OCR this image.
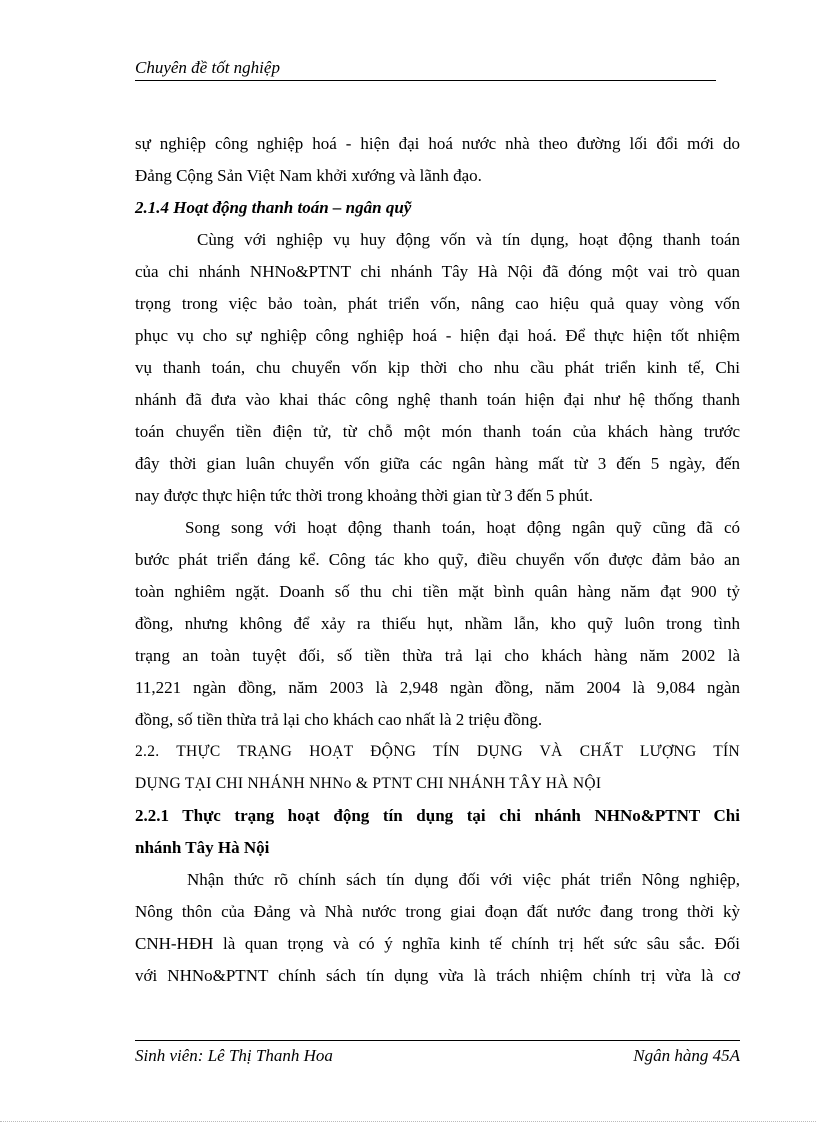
Chuyên đề tốt nghiệp
sự nghiệp công nghiệp hoá - hiện đại hoá nước nhà theo đường lối đổi mới do
Đảng Cộng Sản Việt Nam khởi xướng và lãnh đạo.
2.1.4 Hoạt động thanh toán – ngân quỹ
Cùng với nghiệp vụ huy động vốn và tín dụng, hoạt động thanh toán
của chi nhánh NHNo&PTNT chi nhánh Tây Hà Nội đã đóng một vai trò quan
trọng trong việc bảo toàn, phát triển vốn, nâng cao hiệu quả quay vòng vốn
phục vụ cho sự nghiệp công nghiệp hoá - hiện đại hoá. Để thực hiện tốt nhiệm
vụ thanh toán, chu chuyển vốn kịp thời cho nhu cầu phát triển kinh tế, Chi
nhánh đã đưa vào khai thác công nghệ thanh toán hiện đại như hệ thống thanh
toán chuyển tiền điện tử, từ chỗ một món thanh toán của khách hàng trước
đây thời gian luân chuyển vốn giữa các ngân hàng mất từ 3 đến 5 ngày, đến
nay được thực hiện tức thời trong khoảng thời gian từ 3 đến 5 phút.
Song song với hoạt động thanh toán, hoạt động ngân quỹ cũng đã có
bước phát triển đáng kể. Công tác kho quỹ, điều chuyển vốn được đảm bảo an
toàn nghiêm ngặt. Doanh số thu chi tiền mặt bình quân hàng năm đạt 900 tỷ
đồng, nhưng không để xảy ra thiếu hụt, nhầm lẫn, kho quỹ luôn trong tình
trạng an toàn tuyệt đối, số tiền thừa trả lại cho khách hàng năm 2002 là
11,221 ngàn đồng, năm 2003 là 2,948 ngàn đồng, năm 2004 là 9,084 ngàn
đồng, số tiền thừa trả lại cho khách cao nhất là 2 triệu đồng.
2.2. THỰC TRẠNG HOẠT ĐỘNG TÍN DỤNG VÀ CHẤT LƯỢNG TÍN
DỤNG TẠI CHI NHÁNH NHNo & PTNT CHI NHÁNH TÂY HÀ NỘI
2.2.1 Thực trạng hoạt động tín dụng tại chi nhánh NHNo&PTNT Chi
nhánh Tây Hà Nội
Nhận thức rõ chính sách tín dụng đối với việc phát triển Nông nghiệp,
Nông thôn của Đảng và Nhà nước trong giai đoạn đất nước đang trong thời kỳ
CNH-HĐH là quan trọng và có ý nghĩa kinh tế chính trị hết sức sâu sắc. Đối
với NHNo&PTNT chính sách tín dụng vừa là trách nhiệm chính trị vừa là cơ
Sinh viên: Lê Thị Thanh Hoa	Ngân hàng 45A
